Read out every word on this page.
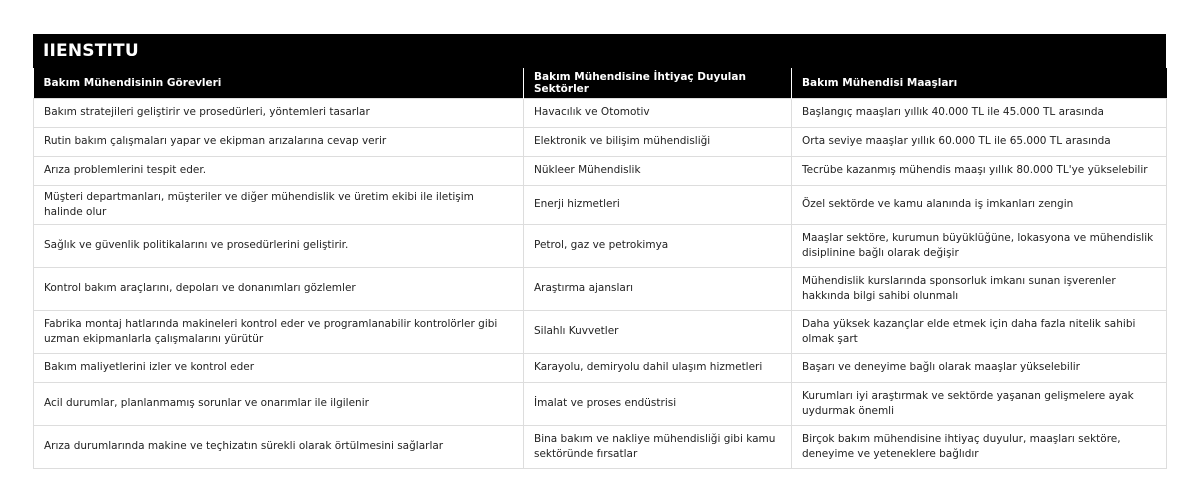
IIENSTITU
Bakım Mühendisinin Görevleri	Bakım Mühendisine İhtiyaç Duyulan Sektörler	Bakım Mühendisi Maaşları
Bakım stratejileri geliştirir ve prosedürleri, yöntemleri tasarlar	Havacılık ve Otomotiv	Başlangıç maaşları yıllık 40.000 TL ile 45.000 TL arasında
Rutin bakım çalışmaları yapar ve ekipman arızalarına cevap verir	Elektronik ve bilişim mühendisliği	Orta seviye maaşlar yıllık 60.000 TL ile 65.000 TL arasında
Arıza problemlerini tespit eder.	Nükleer Mühendislik	Tecrübe kazanmış mühendis maaşı yıllık 80.000 TL'ye yükselebilir
Müşteri departmanları, müşteriler ve diğer mühendislik ve üretim ekibi ile iletişim halinde olur	Enerji hizmetleri	Özel sektörde ve kamu alanında iş imkanları zengin
Sağlık ve güvenlik politikalarını ve prosedürlerini geliştirir.	Petrol, gaz ve petrokimya	Maaşlar sektöre, kurumun büyüklüğüne, lokasyona ve mühendislik disiplinine bağlı olarak değişir
Kontrol bakım araçlarını, depoları ve donanımları gözlemler	Araştırma ajansları	Mühendislik kurslarında sponsorluk imkanı sunan işverenler hakkında bilgi sahibi olunmalı
Fabrika montaj hatlarında makineleri kontrol eder ve programlanabilir kontrolörler gibi uzman ekipmanlarla çalışmalarını yürütür	Silahlı Kuvvetler	Daha yüksek kazançlar elde etmek için daha fazla nitelik sahibi olmak şart
Bakım maliyetlerini izler ve kontrol eder	Karayolu, demiryolu dahil ulaşım hizmetleri	Başarı ve deneyime bağlı olarak maaşlar yükselebilir
Acil durumlar, planlanmamış sorunlar ve onarımlar ile ilgilenir	İmalat ve proses endüstrisi	Kurumları iyi araştırmak ve sektörde yaşanan gelişmelere ayak uydurmak önemli
Arıza durumlarında makine ve teçhizatın sürekli olarak örtülmesini sağlarlar	Bina bakım ve nakliye mühendisliği gibi kamu sektöründe fırsatlar	Birçok bakım mühendisine ihtiyaç duyulur, maaşları sektöre, deneyime ve yeteneklere bağlıdır
